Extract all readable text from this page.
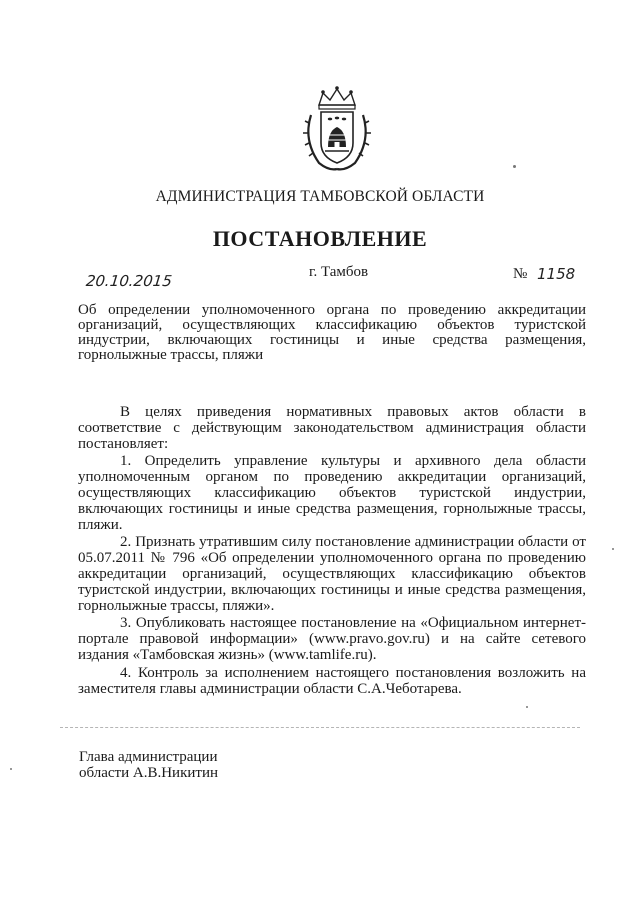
АДМИНИСТРАЦИЯ ТАМБОВСКОЙ ОБЛАСТИ
ПОСТАНОВЛЕНИЕ
20.10.2015	г. Тамбов	№ 1158
Об определении уполномоченного органа по проведению аккредитации организаций, осуществляющих классификацию объектов туристской индустрии, включающих гостиницы и иные средства размещения, горнолыжные трассы, пляжи

В целях приведения нормативных правовых актов области в соответствие с действующим законодательством администрация области постановляет:

1. Определить управление культуры и архивного дела области уполномоченным органом по проведению аккредитации организаций, осуществляющих классификацию объектов туристской индустрии, включающих гостиницы и иные средства размещения, горнолыжные трассы, пляжи.

2. Признать утратившим силу постановление администрации области от 05.07.2011 № 796 «Об определении уполномоченного органа по проведению аккредитации организаций, осуществляющих классификацию объектов туристской индустрии, включающих гостиницы и иные средства размещения, горнолыжные трассы, пляжи».

3. Опубликовать настоящее постановление на «Официальном интернет-портале правовой информации» (www.pravo.gov.ru) и на сайте сетевого издания «Тамбовская жизнь» (www.tamlife.ru).

4. Контроль за исполнением настоящего постановления возложить на заместителя главы администрации области С.А.Чеботарева.

Глава администрации
области А.В.Никитин
